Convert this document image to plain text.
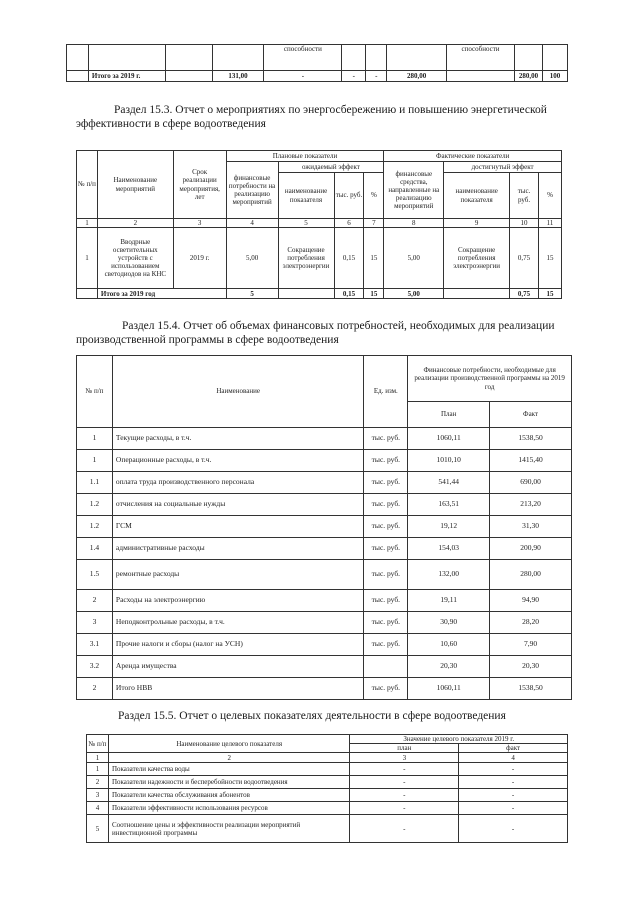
				способности				способности		
	Итого за 2019 г.		131,00	-	-	-	280,00		280,00	100

Раздел 15.3. Отчет о мероприятиях по энергосбережению и повышению энергетической эффективности в сфере водоотведения

№ п/п	Наименование мероприятий	Срок реализации мероприятия, лет	Плановые показатели				Фактические показатели			
			финансовые потребности на реализацию мероприятий	ожидаемый эффект			финансовые средства, направленные на реализацию мероприятий	достигнутый эффект		
				наименование показателя	тыс. руб.	%		наименование показателя	тыс. руб.	%
1	2	3	4	5	6	7	8	9	10	11
1	Вводрные осветительных устройств с использованием светодиодов на КНС	2019 г.	5,00	Сокращение потребления электроэнергии	0,15	15	5,00	Сокращение потребления электроэнергии	0,75	15
	Итого за 2019 год		5		0,15	15	5,00		0,75	15

Раздел 15.4. Отчет об объемах финансовых потребностей, необходимых для реализации производственной программы в сфере водоотведения

№ п/п	Наименование	Ед. изм.	Финансовые потребности, необходимые для реализации производственной программы на 2019 год	
			План	Факт
1	Текущие расходы, в т.ч.	тыс. руб.	1060,11	1538,50
1	Операционные расходы, в т.ч.	тыс. руб.	1010,10	1415,40
1.1	оплата труда производственного персонала	тыс. руб.	541,44	690,00
1.2	отчисления на социальные нужды	тыс. руб.	163,51	213,20
1.2	ГСМ	тыс. руб.	19,12	31,30
1.4	административные расходы	тыс. руб.	154,03	200,90
1.5	ремонтные расходы	тыс. руб.	132,00	280,00
2	Расходы на электроэнергию	тыс. руб.	19,11	94,90
3	Неподконтрольные расходы, в т.ч.	тыс. руб.	30,90	28,20
3.1	Прочие налоги и сборы (налог на УСН)	тыс. руб.	10,60	7,90
3.2	Аренда имущества		20,30	20,30
2	Итого НВВ	тыс. руб.	1060,11	1538,50

Раздел 15.5. Отчет о целевых показателях деятельности в сфере водоотведения

№ п/п	Наименование целевого показателя	Значение целевого показателя 2019 г.	
		план	факт
1	2	3	4
1	Показатели качества воды	-	-
2	Показатели надежности и бесперебойности водоотведения	-	-
3	Показатели качества обслуживания абонентов	-	-
4	Показатели эффективности использования ресурсов	-	-
5	Соотношение цены и эффективности реализации мероприятий инвестиционной программы	-	-
